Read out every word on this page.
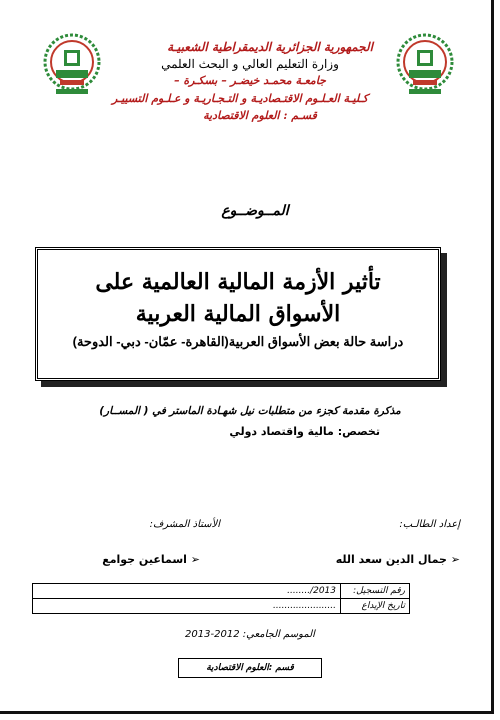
الجمهورية الجزائرية الديمقراطية الشعبيـة
وزارة التعليم العالي و البحث العلمي
جامعـة محمـد خيضـر – بسكـرة –
كـليـة العـلـوم الاقتـصاديـة و التـجـاريـة و عـلـوم التسييـر
قسـم : العلوم الاقتصادية
المــوضــوع
تأثير الأزمة المالية العالمية على
الأسواق المالية العربية
دراسة حالة بعض الأسواق العربية(القاهرة- عمّان- دبي- الدوحة)
مذكرة مقدمة كجزء من متطلبات نيل شهـادة الماستر في ( المســار)
تخصص: مالية واقتصاد دولي
إعداد الطالـب:
الأستاذ المشرف:
➢ جمال الدين سعد الله
➢ اسماعين جوامع
رقم التسجيل:	2013/........
تاريخ الإيداع	......................
الموسم الجامعي: 2012-2013
قسم :العلوم الاقتصادية
